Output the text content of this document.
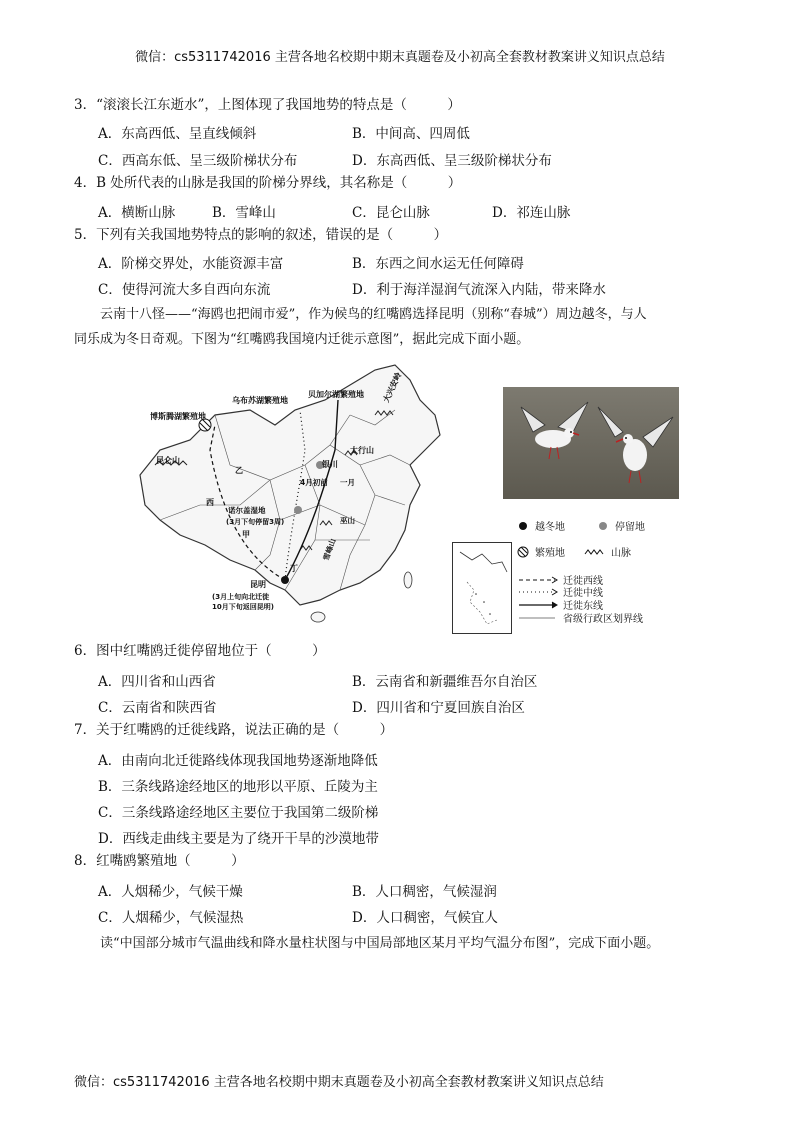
微信：cs5311742016 主营各地名校期中期末真题卷及小初高全套教材教案讲义知识点总结
3．“滚滚长江东逝水”，上图体现了我国地势的特点是（　　　）
A．东高西低、呈直线倾斜	B．中间高、四周低
C．西高东低、呈三级阶梯状分布	D．东高西低、呈三级阶梯状分布
4．B 处所代表的山脉是我国的阶梯分界线，其名称是（　　　）
A．横断山脉	B．雪峰山	C．昆仑山脉	D．祁连山脉
5．下列有关我国地势特点的影响的叙述，错误的是（　　　）
A．阶梯交界处，水能资源丰富	B．东西之间水运无任何障碍
C．使得河流大多自西向东流	D．利于海洋湿润气流深入内陆，带来降水
云南十八怪——“海鸥也把闹市爱”，作为候鸟的红嘴鸥选择昆明（别称“春城”）周边越冬，与人
同乐成为冬日奇观。下图为“红嘴鸥我国境内迁徙示意图”，据此完成下面小题。
乌布苏湖繁殖地
贝加尔湖繁殖地
博斯腾湖繁殖地
昆仑山	银川
太行山
大兴安岭
4月初前 一月
乙
西
诺尔盖湿地
(3月下旬停留3周)
甲
巫山
雪峰山
昆明
(3月上旬向北迁徙
10月下旬返回昆明)
丁
越冬地	停留地
繁殖地	山脉
迁徙西线
迁徙中线
迁徙东线
省级行政区划界线
6．图中红嘴鸥迁徙停留地位于（　　　）
A．四川省和山西省	B．云南省和新疆维吾尔自治区
C．云南省和陕西省	D．四川省和宁夏回族自治区
7．关于红嘴鸥的迁徙线路，说法正确的是（　　　）
A．由南向北迁徙路线体现我国地势逐渐地降低
B．三条线路途经地区的地形以平原、丘陵为主
C．三条线路途经地区主要位于我国第二级阶梯
D．西线走曲线主要是为了绕开干旱的沙漠地带
8．红嘴鸥繁殖地（　　　）
A．人烟稀少，气候干燥	B．人口稠密，气候湿润
C．人烟稀少，气候湿热	D．人口稠密，气候宜人
读“中国部分城市气温曲线和降水量柱状图与中国局部地区某月平均气温分布图”，完成下面小题。
微信：cs5311742016 主营各地名校期中期末真题卷及小初高全套教材教案讲义知识点总结
